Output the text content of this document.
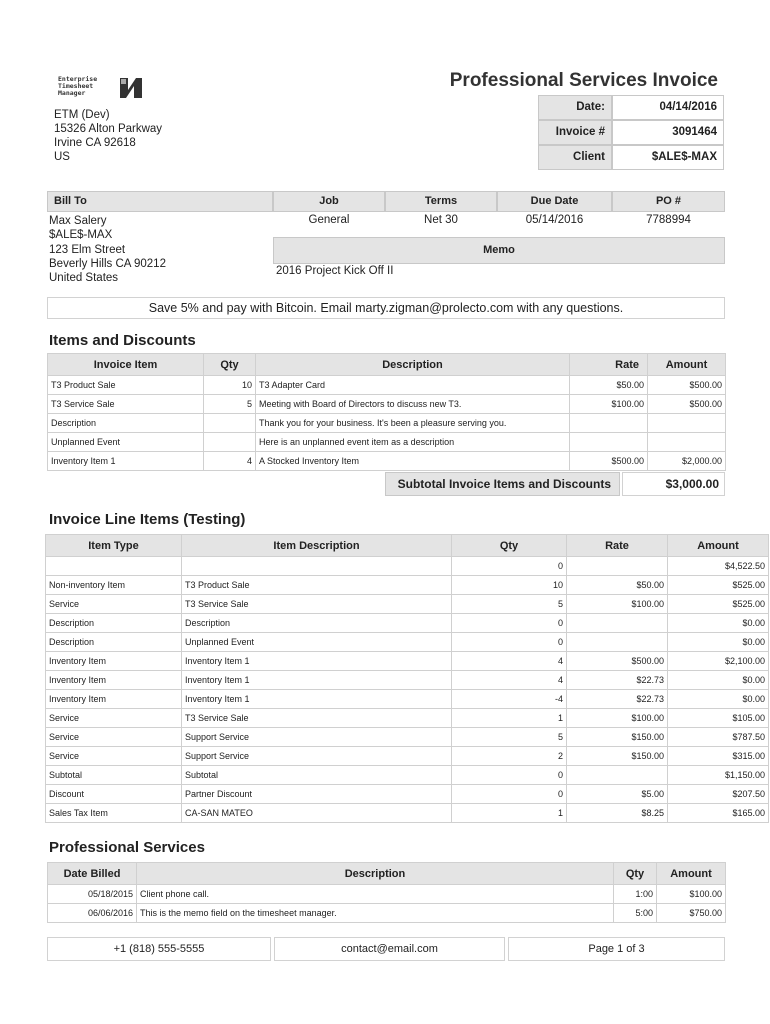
Enterprise
Timesheet
Manager
Professional Services Invoice
ETM (Dev)
15326 Alton Parkway
Irvine CA 92618
US
Date:	04/14/2016
Invoice #	3091464
Client	$ALE$-MAX
Bill To	Job	Terms	Due Date	PO #
General	Net 30	05/14/2016	7788994
Max Salery
$ALE$-MAX
123 Elm Street
Beverly Hills CA 90212
United States
Memo
2016 Project Kick Off II
Save 5% and pay with Bitcoin. Email marty.zigman@prolecto.com with any questions.
Items and Discounts
Invoice Item	Qty	Description	Rate	Amount
T3 Product Sale	10	T3 Adapter Card	$50.00	$500.00
T3 Service Sale	5	Meeting with Board of Directors to discuss new T3.	$100.00	$500.00
Description		Thank you for your business. It's been a pleasure serving you.		
Unplanned Event		Here is an unplanned event item as a description		
Inventory Item 1	4	A Stocked Inventory Item	$500.00	$2,000.00
Subtotal Invoice Items and Discounts	$3,000.00
Invoice Line Items (Testing)
Item Type	Item Description	Qty	Rate	Amount
		0		$4,522.50
Non-inventory Item	T3 Product Sale	10	$50.00	$525.00
Service	T3 Service Sale	5	$100.00	$525.00
Description	Description	0		$0.00
Description	Unplanned Event	0		$0.00
Inventory Item	Inventory Item 1	4	$500.00	$2,100.00
Inventory Item	Inventory Item 1	4	$22.73	$0.00
Inventory Item	Inventory Item 1	-4	$22.73	$0.00
Service	T3 Service Sale	1	$100.00	$105.00
Service	Support Service	5	$150.00	$787.50
Service	Support Service	2	$150.00	$315.00
Subtotal	Subtotal	0		$1,150.00
Discount	Partner Discount	0	$5.00	$207.50
Sales Tax Item	CA-SAN MATEO	1	$8.25	$165.00
Professional Services
Date Billed	Description	Qty	Amount
05/18/2015	Client phone call.	1:00	$100.00
06/06/2016	This is the memo field on the timesheet manager.	5:00	$750.00
+1 (818) 555-5555	contact@email.com	Page 1 of 3
